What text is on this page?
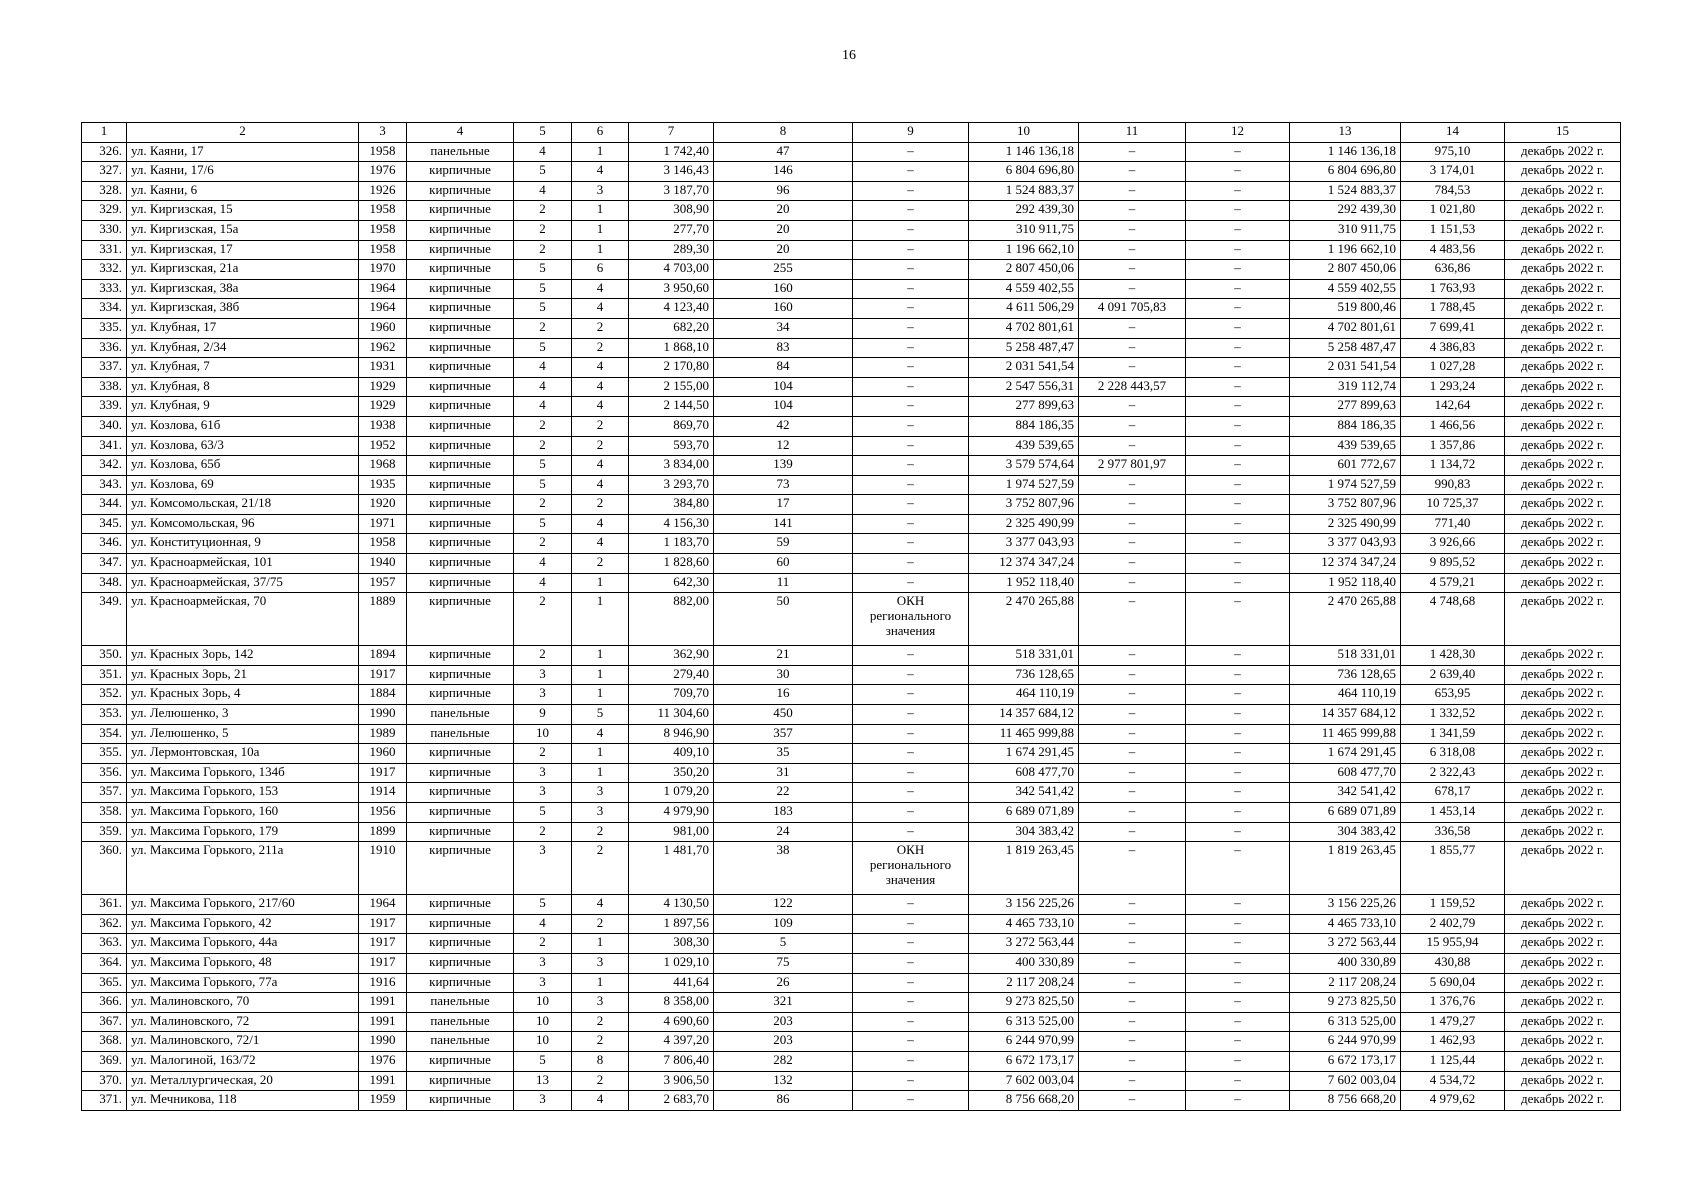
16
1	2	3	4	5	6	7	8	9	10	11	12	13	14	15
326.	ул. Каяни, 17	1958	панельные	4	1	1 742,40	47	–	1 146 136,18	–	–	1 146 136,18	975,10	декабрь 2022 г.
327.	ул. Каяни, 17/6	1976	кирпичные	5	4	3 146,43	146	–	6 804 696,80	–	–	6 804 696,80	3 174,01	декабрь 2022 г.
328.	ул. Каяни, 6	1926	кирпичные	4	3	3 187,70	96	–	1 524 883,37	–	–	1 524 883,37	784,53	декабрь 2022 г.
329.	ул. Киргизская, 15	1958	кирпичные	2	1	308,90	20	–	292 439,30	–	–	292 439,30	1 021,80	декабрь 2022 г.
330.	ул. Киргизская, 15а	1958	кирпичные	2	1	277,70	20	–	310 911,75	–	–	310 911,75	1 151,53	декабрь 2022 г.
331.	ул. Киргизская, 17	1958	кирпичные	2	1	289,30	20	–	1 196 662,10	–	–	1 196 662,10	4 483,56	декабрь 2022 г.
332.	ул. Киргизская, 21а	1970	кирпичные	5	6	4 703,00	255	–	2 807 450,06	–	–	2 807 450,06	636,86	декабрь 2022 г.
333.	ул. Киргизская, 38а	1964	кирпичные	5	4	3 950,60	160	–	4 559 402,55	–	–	4 559 402,55	1 763,93	декабрь 2022 г.
334.	ул. Киргизская, 38б	1964	кирпичные	5	4	4 123,40	160	–	4 611 506,29	4 091 705,83	–	519 800,46	1 788,45	декабрь 2022 г.
335.	ул. Клубная, 17	1960	кирпичные	2	2	682,20	34	–	4 702 801,61	–	–	4 702 801,61	7 699,41	декабрь 2022 г.
336.	ул. Клубная, 2/34	1962	кирпичные	5	2	1 868,10	83	–	5 258 487,47	–	–	5 258 487,47	4 386,83	декабрь 2022 г.
337.	ул. Клубная, 7	1931	кирпичные	4	4	2 170,80	84	–	2 031 541,54	–	–	2 031 541,54	1 027,28	декабрь 2022 г.
338.	ул. Клубная, 8	1929	кирпичные	4	4	2 155,00	104	–	2 547 556,31	2 228 443,57	–	319 112,74	1 293,24	декабрь 2022 г.
339.	ул. Клубная, 9	1929	кирпичные	4	4	2 144,50	104	–	277 899,63	–	–	277 899,63	142,64	декабрь 2022 г.
340.	ул. Козлова, 61б	1938	кирпичные	2	2	869,70	42	–	884 186,35	–	–	884 186,35	1 466,56	декабрь 2022 г.
341.	ул. Козлова, 63/3	1952	кирпичные	2	2	593,70	12	–	439 539,65	–	–	439 539,65	1 357,86	декабрь 2022 г.
342.	ул. Козлова, 65б	1968	кирпичные	5	4	3 834,00	139	–	3 579 574,64	2 977 801,97	–	601 772,67	1 134,72	декабрь 2022 г.
343.	ул. Козлова, 69	1935	кирпичные	5	4	3 293,70	73	–	1 974 527,59	–	–	1 974 527,59	990,83	декабрь 2022 г.
344.	ул. Комсомольская, 21/18	1920	кирпичные	2	2	384,80	17	–	3 752 807,96	–	–	3 752 807,96	10 725,37	декабрь 2022 г.
345.	ул. Комсомольская, 96	1971	кирпичные	5	4	4 156,30	141	–	2 325 490,99	–	–	2 325 490,99	771,40	декабрь 2022 г.
346.	ул. Конституционная, 9	1958	кирпичные	2	4	1 183,70	59	–	3 377 043,93	–	–	3 377 043,93	3 926,66	декабрь 2022 г.
347.	ул. Красноармейская, 101	1940	кирпичные	4	2	1 828,60	60	–	12 374 347,24	–	–	12 374 347,24	9 895,52	декабрь 2022 г.
348.	ул. Красноармейская, 37/75	1957	кирпичные	4	1	642,30	11	–	1 952 118,40	–	–	1 952 118,40	4 579,21	декабрь 2022 г.
349.	ул. Красноармейская, 70	1889	кирпичные	2	1	882,00	50	ОКН регионального значения	2 470 265,88	–	–	2 470 265,88	4 748,68	декабрь 2022 г.
350.	ул. Красных Зорь, 142	1894	кирпичные	2	1	362,90	21	–	518 331,01	–	–	518 331,01	1 428,30	декабрь 2022 г.
351.	ул. Красных Зорь, 21	1917	кирпичные	3	1	279,40	30	–	736 128,65	–	–	736 128,65	2 639,40	декабрь 2022 г.
352.	ул. Красных Зорь, 4	1884	кирпичные	3	1	709,70	16	–	464 110,19	–	–	464 110,19	653,95	декабрь 2022 г.
353.	ул. Лелюшенко, 3	1990	панельные	9	5	11 304,60	450	–	14 357 684,12	–	–	14 357 684,12	1 332,52	декабрь 2022 г.
354.	ул. Лелюшенко, 5	1989	панельные	10	4	8 946,90	357	–	11 465 999,88	–	–	11 465 999,88	1 341,59	декабрь 2022 г.
355.	ул. Лермонтовская, 10а	1960	кирпичные	2	1	409,10	35	–	1 674 291,45	–	–	1 674 291,45	6 318,08	декабрь 2022 г.
356.	ул. Максима Горького, 134б	1917	кирпичные	3	1	350,20	31	–	608 477,70	–	–	608 477,70	2 322,43	декабрь 2022 г.
357.	ул. Максима Горького, 153	1914	кирпичные	3	3	1 079,20	22	–	342 541,42	–	–	342 541,42	678,17	декабрь 2022 г.
358.	ул. Максима Горького, 160	1956	кирпичные	5	3	4 979,90	183	–	6 689 071,89	–	–	6 689 071,89	1 453,14	декабрь 2022 г.
359.	ул. Максима Горького, 179	1899	кирпичные	2	2	981,00	24	–	304 383,42	–	–	304 383,42	336,58	декабрь 2022 г.
360.	ул. Максима Горького, 211а	1910	кирпичные	3	2	1 481,70	38	ОКН регионального значения	1 819 263,45	–	–	1 819 263,45	1 855,77	декабрь 2022 г.
361.	ул. Максима Горького, 217/60	1964	кирпичные	5	4	4 130,50	122	–	3 156 225,26	–	–	3 156 225,26	1 159,52	декабрь 2022 г.
362.	ул. Максима Горького, 42	1917	кирпичные	4	2	1 897,56	109	–	4 465 733,10	–	–	4 465 733,10	2 402,79	декабрь 2022 г.
363.	ул. Максима Горького, 44а	1917	кирпичные	2	1	308,30	5	–	3 272 563,44	–	–	3 272 563,44	15 955,94	декабрь 2022 г.
364.	ул. Максима Горького, 48	1917	кирпичные	3	3	1 029,10	75	–	400 330,89	–	–	400 330,89	430,88	декабрь 2022 г.
365.	ул. Максима Горького, 77а	1916	кирпичные	3	1	441,64	26	–	2 117 208,24	–	–	2 117 208,24	5 690,04	декабрь 2022 г.
366.	ул. Малиновского, 70	1991	панельные	10	3	8 358,00	321	–	9 273 825,50	–	–	9 273 825,50	1 376,76	декабрь 2022 г.
367.	ул. Малиновского, 72	1991	панельные	10	2	4 690,60	203	–	6 313 525,00	–	–	6 313 525,00	1 479,27	декабрь 2022 г.
368.	ул. Малиновского, 72/1	1990	панельные	10	2	4 397,20	203	–	6 244 970,99	–	–	6 244 970,99	1 462,93	декабрь 2022 г.
369.	ул. Малогиной, 163/72	1976	кирпичные	5	8	7 806,40	282	–	6 672 173,17	–	–	6 672 173,17	1 125,44	декабрь 2022 г.
370.	ул. Металлургическая, 20	1991	кирпичные	13	2	3 906,50	132	–	7 602 003,04	–	–	7 602 003,04	4 534,72	декабрь 2022 г.
371.	ул. Мечникова, 118	1959	кирпичные	3	4	2 683,70	86	–	8 756 668,20	–	–	8 756 668,20	4 979,62	декабрь 2022 г.
